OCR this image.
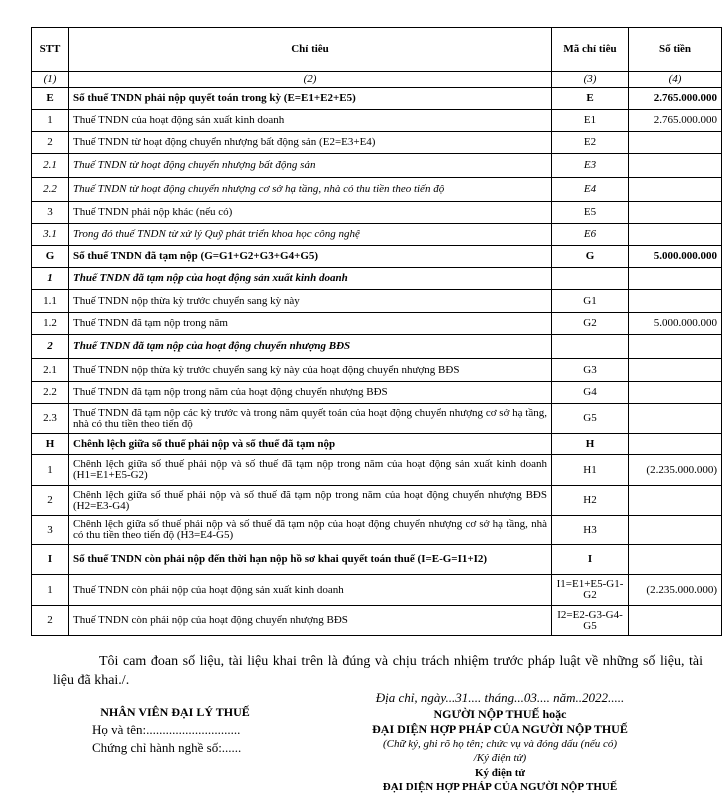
STT	Chỉ tiêu	Mã chỉ tiêu	Số tiền
(1)	(2)	(3)	(4)
E	Số thuế TNDN phải nộp quyết toán trong kỳ (E=E1+E2+E5)	E	2.765.000.000
1	Thuế TNDN của hoạt động sản xuất kinh doanh	E1	2.765.000.000
2	Thuế TNDN từ hoạt động chuyển nhượng bất động sản (E2=E3+E4)	E2	
2.1	Thuế TNDN từ hoạt động chuyển nhượng bất động sản	E3	
2.2	Thuế TNDN từ hoạt động chuyển nhượng cơ sở hạ tầng, nhà có thu tiền theo tiến độ	E4	
3	Thuế TNDN phải nộp khác (nếu có)	E5	
3.1	Trong đó thuế TNDN từ xử lý Quỹ phát triển khoa học công nghệ	E6	
G	Số thuế TNDN đã tạm nộp (G=G1+G2+G3+G4+G5)	G	5.000.000.000
1	Thuế TNDN đã tạm nộp của hoạt động sản xuất kinh doanh		
1.1	Thuế TNDN nộp thừa kỳ trước chuyển sang kỳ này	G1	
1.2	Thuế TNDN đã tạm nộp trong năm	G2	5.000.000.000
2	Thuế TNDN đã tạm nộp của hoạt động chuyển nhượng BĐS		
2.1	Thuế TNDN nộp thừa kỳ trước chuyển sang kỳ này của hoạt động chuyển nhượng BĐS	G3	
2.2	Thuế TNDN đã tạm nộp trong năm của hoạt động chuyển nhượng BĐS	G4	
2.3	Thuế TNDN đã tạm nộp các kỳ trước và trong năm quyết toán của hoạt động chuyển nhượng cơ sở hạ tầng, nhà có thu tiền theo tiến độ	G5	
H	Chênh lệch giữa số thuế phải nộp và số thuế đã tạm nộp	H	
1	Chênh lệch giữa số thuế phải nộp và số thuế đã tạm nộp trong năm của hoạt động sản xuất kinh doanh (H1=E1+E5-G2)	H1	(2.235.000.000)
2	Chênh lệch giữa số thuế phải nộp và số thuế đã tạm nộp trong năm của hoạt động chuyển nhượng BĐS (H2=E3-G4)	H2	
3	Chênh lệch giữa số thuế phải nộp và số thuế đã tạm nộp của hoạt động chuyển nhượng cơ sở hạ tầng, nhà có thu tiền theo tiến độ (H3=E4-G5)	H3	
I	Số thuế TNDN còn phải nộp đến thời hạn nộp hồ sơ khai quyết toán thuế (I=E-G=I1+I2)	I	
1	Thuế TNDN còn phải nộp của hoạt động sản xuất kinh doanh	I1=E1+E5-G1-G2	(2.235.000.000)
2	Thuế TNDN còn phải nộp của hoạt động chuyển nhượng BĐS	I2=E2-G3-G4-G5	
Tôi cam đoan số liệu, tài liệu khai trên là đúng và chịu trách nhiệm trước pháp luật về những số liệu, tài liệu đã khai./.
NHÂN VIÊN ĐẠI LÝ THUẾ
Họ và tên:.............................
Chứng chỉ hành nghề số:......
Địa chỉ, ngày...31.... tháng...03.... năm..2022.....
NGƯỜI NỘP THUẾ hoặc
ĐẠI DIỆN HỢP PHÁP CỦA NGƯỜI NỘP THUẾ
(Chữ ký, ghi rõ họ tên; chức vụ và đóng dấu (nếu có)
/Ký điện tử)
Ký điện tử
ĐẠI DIỆN HỢP PHÁP CỦA NGƯỜI NỘP THUẾ
